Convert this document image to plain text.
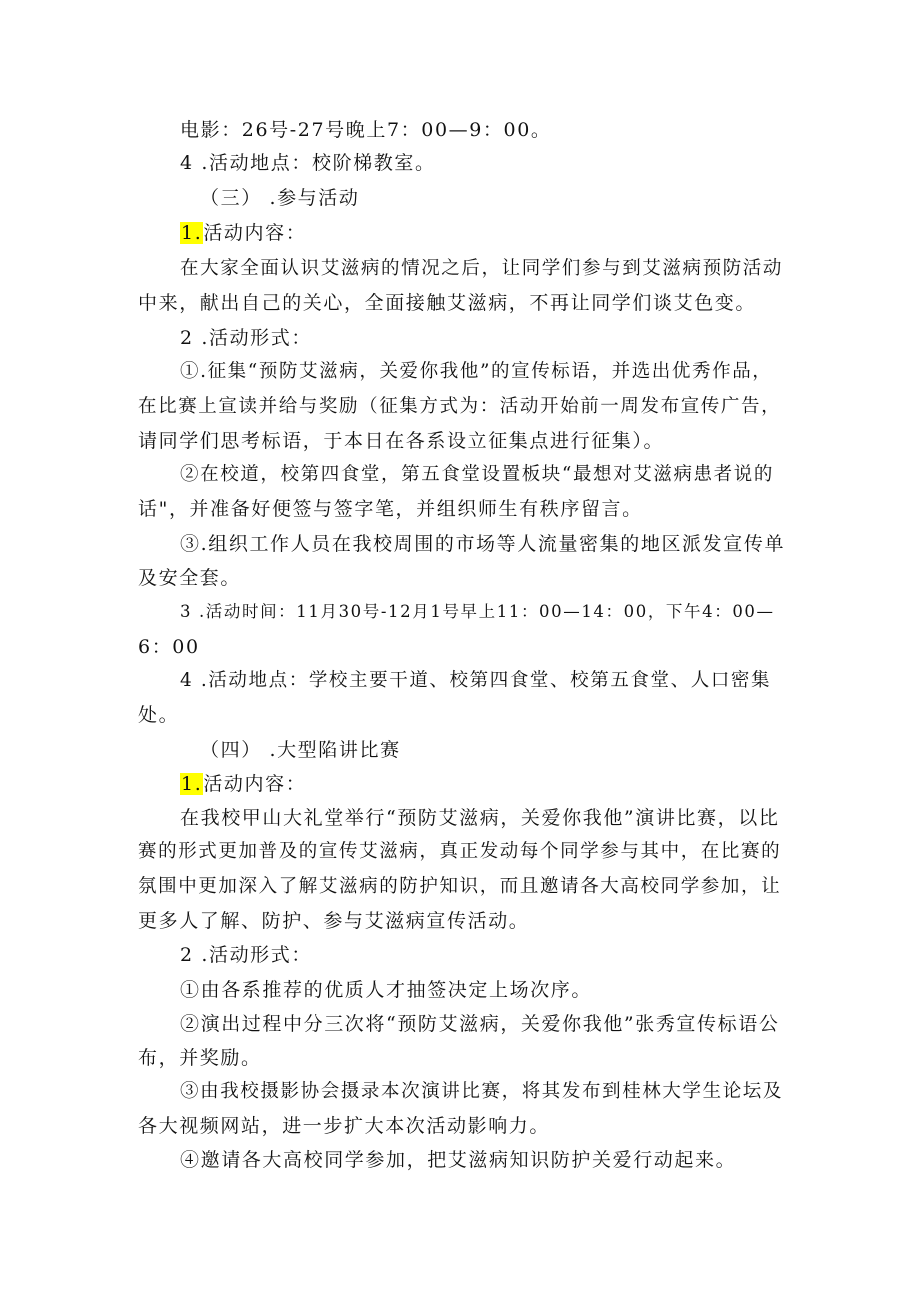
电影：26号-27号晚上7：00—9：00。
4 .活动地点：校阶梯教室。
（三） .参与活动
1.活动内容：
在大家全面认识艾滋病的情况之后，让同学们参与到艾滋病预防活动
中来，献出自己的关心，全面接触艾滋病，不再让同学们谈艾色变。
2 .活动形式：
①.征集“预防艾滋病，关爱你我他”的宣传标语，并选出优秀作品，
在比赛上宣读并给与奖励（征集方式为：活动开始前一周发布宣传广告，
请同学们思考标语，于本日在各系设立征集点进行征集）。
②在校道，校第四食堂，第五食堂设置板块“最想对艾滋病患者说的
话"，并准备好便签与签字笔，并组织师生有秩序留言。
③.组织工作人员在我校周围的市场等人流量密集的地区派发宣传单
及安全套。
3 .活动时间：11月30号-12月1号早上11：00—14：00，下午4：00—
6：00
4 .活动地点：学校主要干道、校第四食堂、校第五食堂、人口密集
处。
（四） .大型陷讲比赛
1.活动内容：
在我校甲山大礼堂举行“预防艾滋病，关爱你我他”演讲比赛，以比
赛的形式更加普及的宣传艾滋病，真正发动每个同学参与其中，在比赛的
氛围中更加深入了解艾滋病的防护知识，而且邀请各大高校同学参加，让
更多人了解、防护、参与艾滋病宣传活动。
2 .活动形式：
①由各系推荐的优质人才抽签决定上场次序。
②演出过程中分三次将“预防艾滋病，关爱你我他”张秀宣传标语公
布，并奖励。
③由我校摄影协会摄录本次演讲比赛，将其发布到桂林大学生论坛及
各大视频网站，进一步扩大本次活动影响力。
④邀请各大高校同学参加，把艾滋病知识防护关爱行动起来。
